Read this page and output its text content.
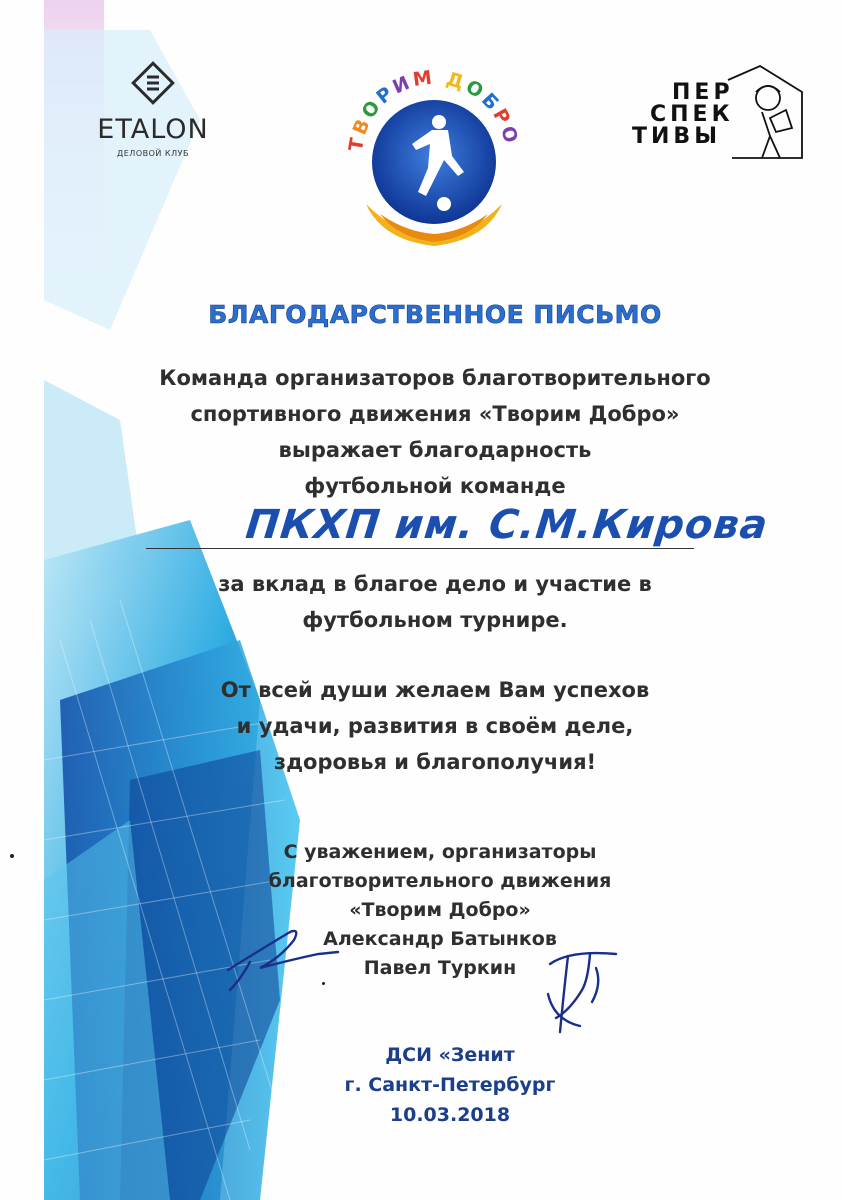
ETALON
ДЕЛОВОЙ КЛУБ
ТВОРИМ ДОБ Р О
ПЕР
СПЕК
ТИВЫ
БЛАГОДАРСТВЕННОЕ ПИСЬМО
Команда организаторов благотворительного
спортивного движения «Творим Добро»
выражает благодарность
футбольной команде
ПКХП им. С.М.Кирова
за вклад в благое дело и участие в
футбольном турнире.
От всей души желаем Вам успехов
и удачи, развития в своём деле,
здоровья и благополучия!
С уважением, организаторы
благотворительного движения
«Творим Добро»
Александр Батынков
Павел Туркин
ДСИ «Зенит
г. Санкт-Петербург
10.03.2018
